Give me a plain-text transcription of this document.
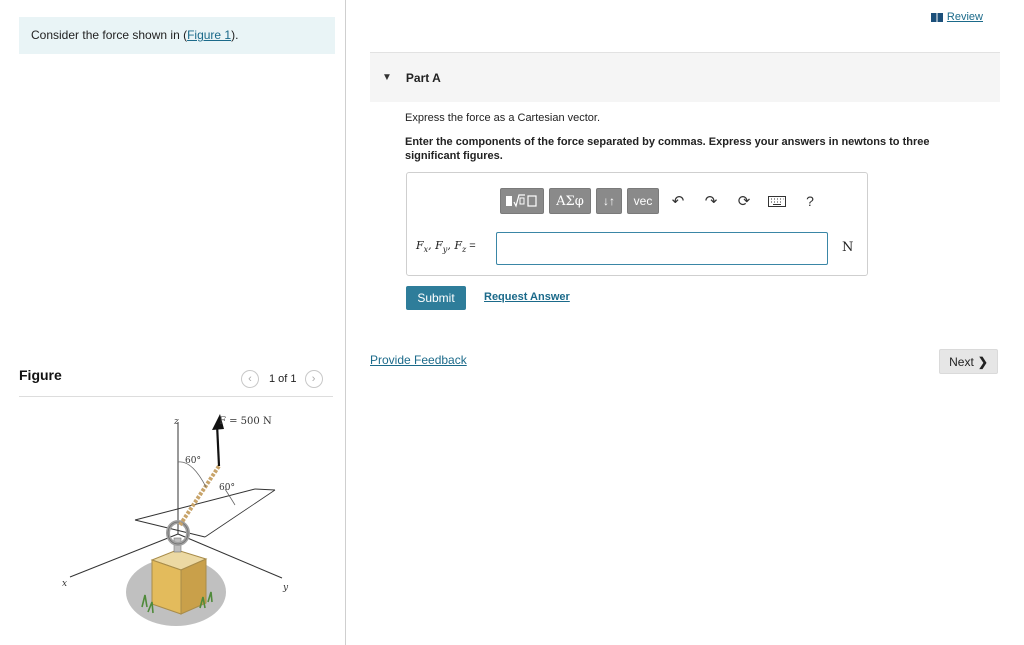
Consider the force shown in (Figure 1).
Figure	‹	1 of 1	›
z
x	y
F = 500 N
60°
60°
Review
▼ Part A
Express the force as a Cartesian vector.
Enter the components of the force separated by commas. Express your answers in newtons to three significant figures.
ΑΣφ	↓↑	vec	↶	↷	⟳	?
$F_x$, $F_y$, $F_z$ =	N
Submit	Request Answer
Provide Feedback	Next ❯
